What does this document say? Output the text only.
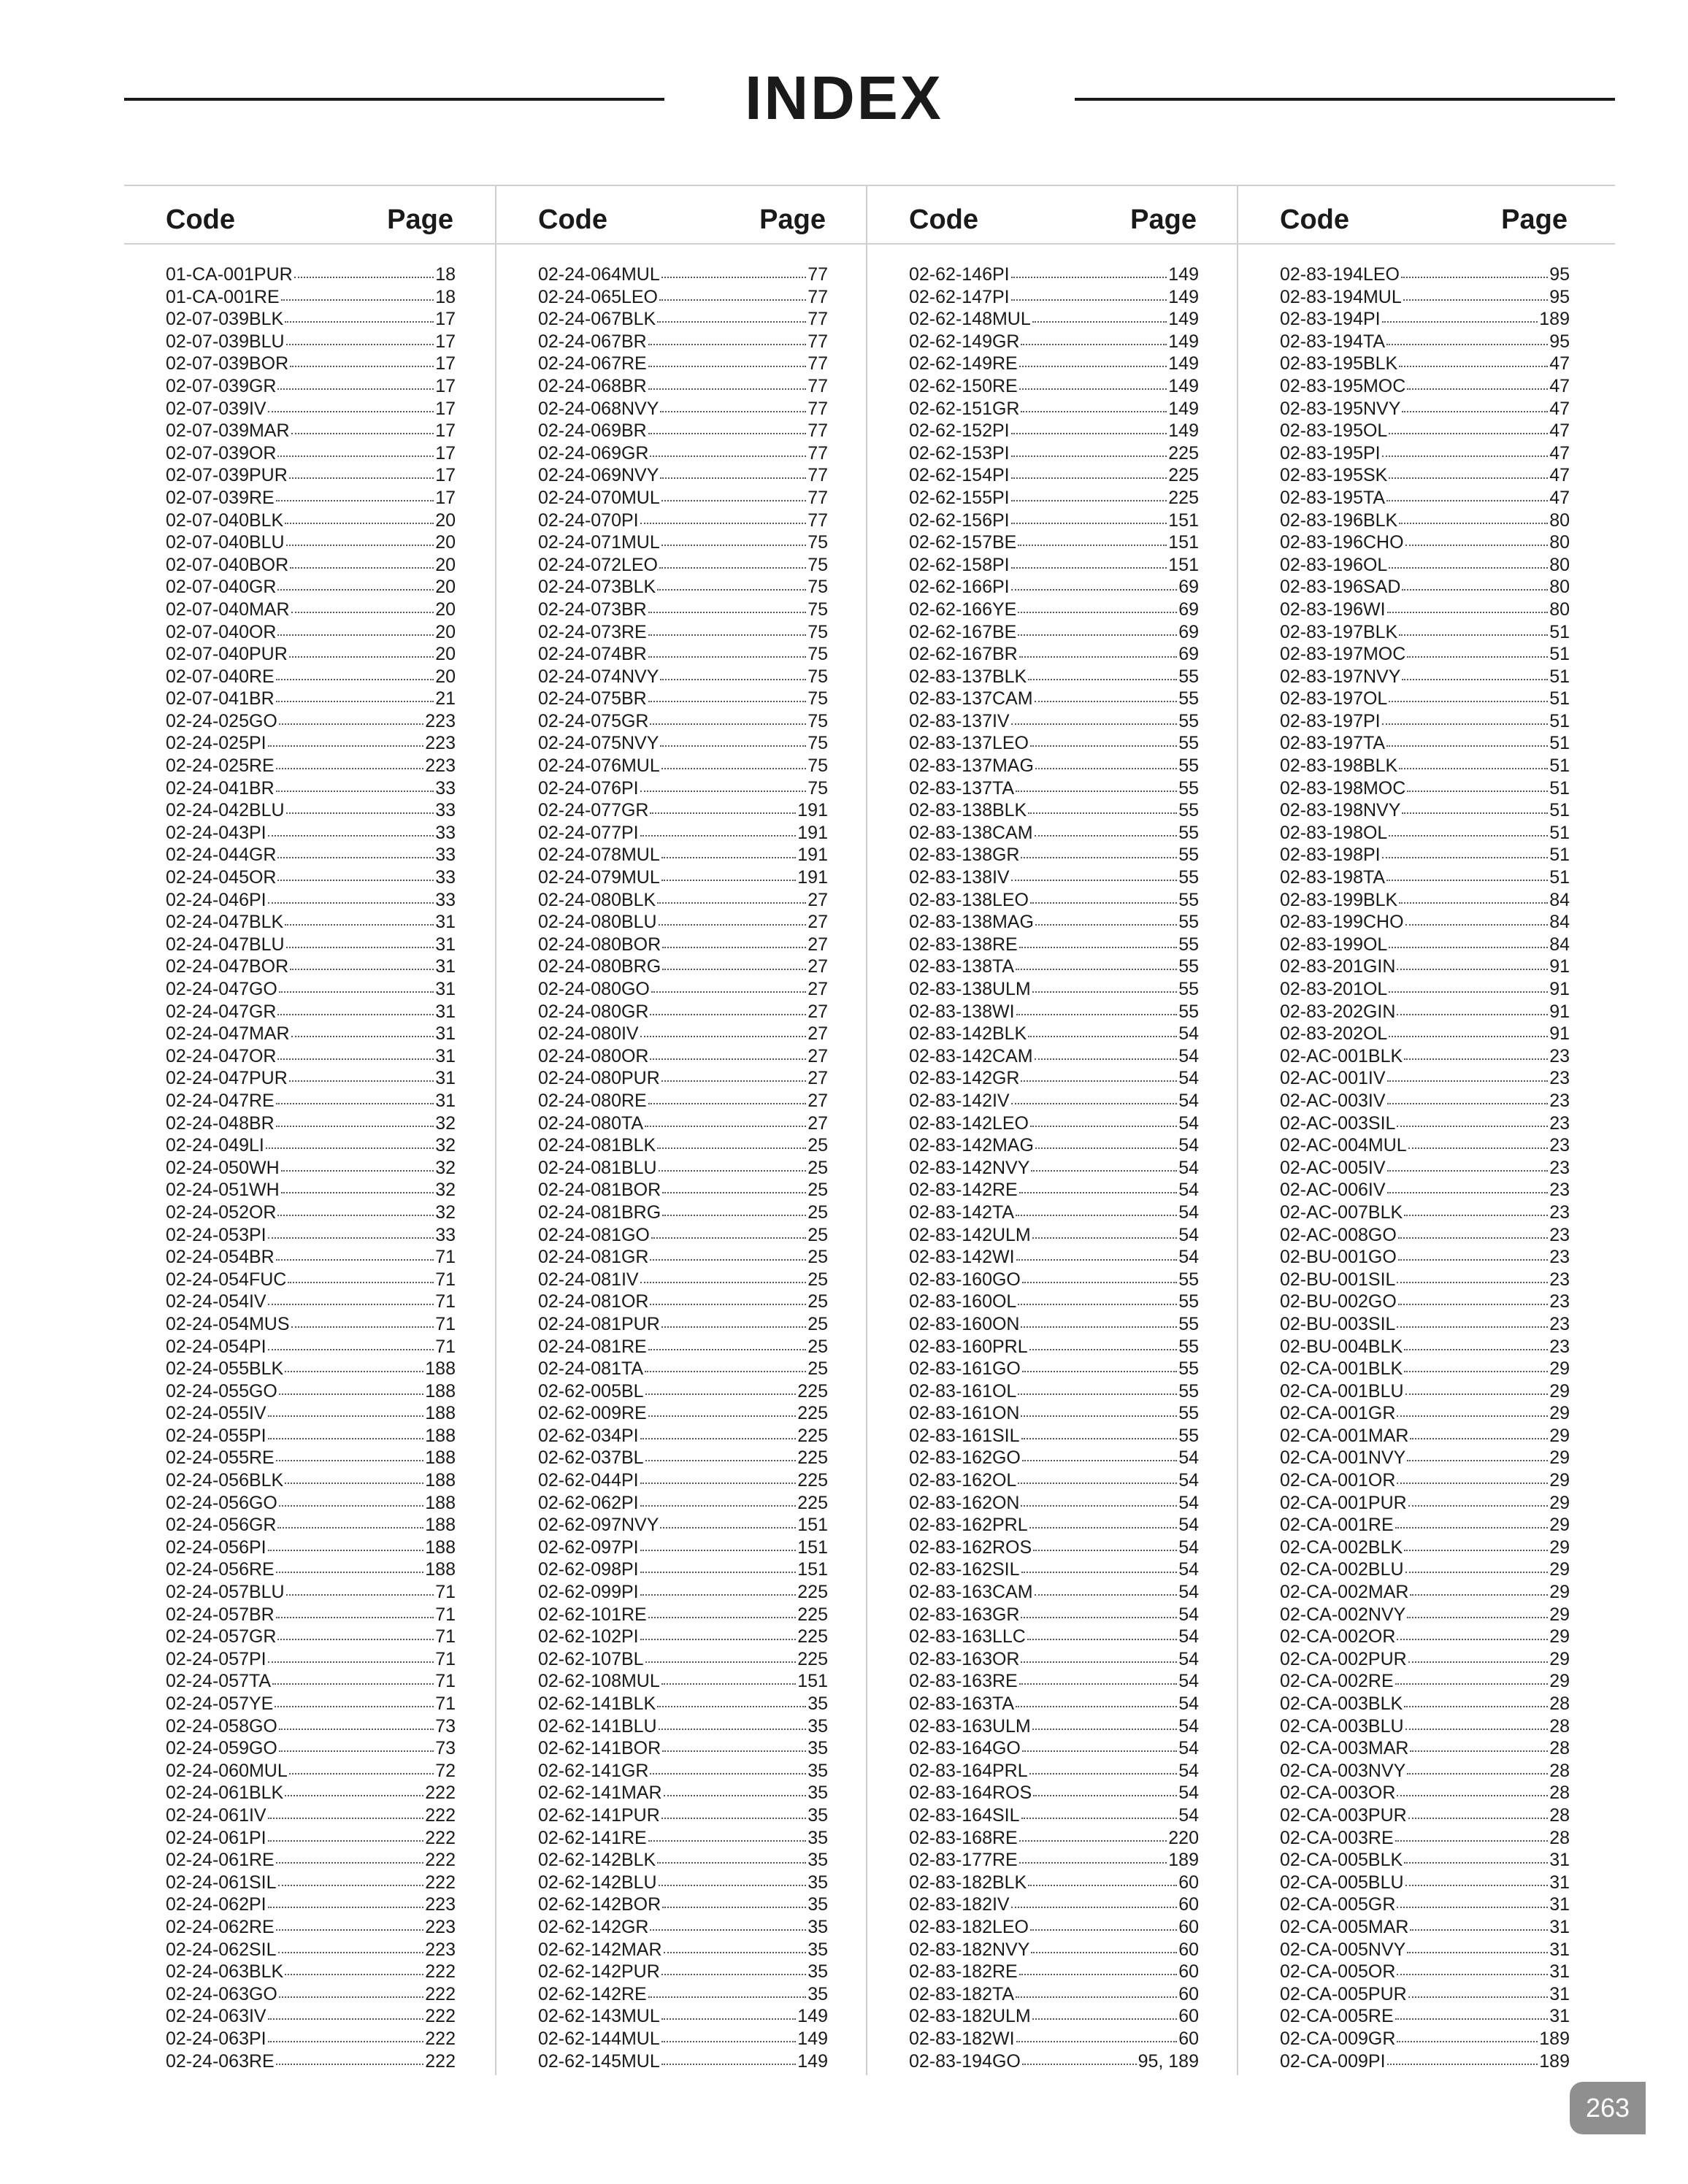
INDEX
Code	Page
01-CA-001PUR	18
01-CA-001RE	18
02-07-039BLK	17
02-07-039BLU	17
02-07-039BOR	17
02-07-039GR	17
02-07-039IV	17
02-07-039MAR	17
02-07-039OR	17
02-07-039PUR	17
02-07-039RE	17
02-07-040BLK	20
02-07-040BLU	20
02-07-040BOR	20
02-07-040GR	20
02-07-040MAR	20
02-07-040OR	20
02-07-040PUR	20
02-07-040RE	20
02-07-041BR	21
02-24-025GO	223
02-24-025PI	223
02-24-025RE	223
02-24-041BR	33
02-24-042BLU	33
02-24-043PI	33
02-24-044GR	33
02-24-045OR	33
02-24-046PI	33
02-24-047BLK	31
02-24-047BLU	31
02-24-047BOR	31
02-24-047GO	31
02-24-047GR	31
02-24-047MAR	31
02-24-047OR	31
02-24-047PUR	31
02-24-047RE	31
02-24-048BR	32
02-24-049LI	32
02-24-050WH	32
02-24-051WH	32
02-24-052OR	32
02-24-053PI	33
02-24-054BR	71
02-24-054FUC	71
02-24-054IV	71
02-24-054MUS	71
02-24-054PI	71
02-24-055BLK	188
02-24-055GO	188
02-24-055IV	188
02-24-055PI	188
02-24-055RE	188
02-24-056BLK	188
02-24-056GO	188
02-24-056GR	188
02-24-056PI	188
02-24-056RE	188
02-24-057BLU	71
02-24-057BR	71
02-24-057GR	71
02-24-057PI	71
02-24-057TA	71
02-24-057YE	71
02-24-058GO	73
02-24-059GO	73
02-24-060MUL	72
02-24-061BLK	222
02-24-061IV	222
02-24-061PI	222
02-24-061RE	222
02-24-061SIL	222
02-24-062PI	223
02-24-062RE	223
02-24-062SIL	223
02-24-063BLK	222
02-24-063GO	222
02-24-063IV	222
02-24-063PI	222
02-24-063RE	222
Code	Page
02-24-064MUL	77
02-24-065LEO	77
02-24-067BLK	77
02-24-067BR	77
02-24-067RE	77
02-24-068BR	77
02-24-068NVY	77
02-24-069BR	77
02-24-069GR	77
02-24-069NVY	77
02-24-070MUL	77
02-24-070PI	77
02-24-071MUL	75
02-24-072LEO	75
02-24-073BLK	75
02-24-073BR	75
02-24-073RE	75
02-24-074BR	75
02-24-074NVY	75
02-24-075BR	75
02-24-075GR	75
02-24-075NVY	75
02-24-076MUL	75
02-24-076PI	75
02-24-077GR	191
02-24-077PI	191
02-24-078MUL	191
02-24-079MUL	191
02-24-080BLK	27
02-24-080BLU	27
02-24-080BOR	27
02-24-080BRG	27
02-24-080GO	27
02-24-080GR	27
02-24-080IV	27
02-24-080OR	27
02-24-080PUR	27
02-24-080RE	27
02-24-080TA	27
02-24-081BLK	25
02-24-081BLU	25
02-24-081BOR	25
02-24-081BRG	25
02-24-081GO	25
02-24-081GR	25
02-24-081IV	25
02-24-081OR	25
02-24-081PUR	25
02-24-081RE	25
02-24-081TA	25
02-62-005BL	225
02-62-009RE	225
02-62-034PI	225
02-62-037BL	225
02-62-044PI	225
02-62-062PI	225
02-62-097NVY	151
02-62-097PI	151
02-62-098PI	151
02-62-099PI	225
02-62-101RE	225
02-62-102PI	225
02-62-107BL	225
02-62-108MUL	151
02-62-141BLK	35
02-62-141BLU	35
02-62-141BOR	35
02-62-141GR	35
02-62-141MAR	35
02-62-141PUR	35
02-62-141RE	35
02-62-142BLK	35
02-62-142BLU	35
02-62-142BOR	35
02-62-142GR	35
02-62-142MAR	35
02-62-142PUR	35
02-62-142RE	35
02-62-143MUL	149
02-62-144MUL	149
02-62-145MUL	149
Code	Page
02-62-146PI	149
02-62-147PI	149
02-62-148MUL	149
02-62-149GR	149
02-62-149RE	149
02-62-150RE	149
02-62-151GR	149
02-62-152PI	149
02-62-153PI	225
02-62-154PI	225
02-62-155PI	225
02-62-156PI	151
02-62-157BE	151
02-62-158PI	151
02-62-166PI	69
02-62-166YE	69
02-62-167BE	69
02-62-167BR	69
02-83-137BLK	55
02-83-137CAM	55
02-83-137IV	55
02-83-137LEO	55
02-83-137MAG	55
02-83-137TA	55
02-83-138BLK	55
02-83-138CAM	55
02-83-138GR	55
02-83-138IV	55
02-83-138LEO	55
02-83-138MAG	55
02-83-138RE	55
02-83-138TA	55
02-83-138ULM	55
02-83-138WI	55
02-83-142BLK	54
02-83-142CAM	54
02-83-142GR	54
02-83-142IV	54
02-83-142LEO	54
02-83-142MAG	54
02-83-142NVY	54
02-83-142RE	54
02-83-142TA	54
02-83-142ULM	54
02-83-142WI	54
02-83-160GO	55
02-83-160OL	55
02-83-160ON	55
02-83-160PRL	55
02-83-161GO	55
02-83-161OL	55
02-83-161ON	55
02-83-161SIL	55
02-83-162GO	54
02-83-162OL	54
02-83-162ON	54
02-83-162PRL	54
02-83-162ROS	54
02-83-162SIL	54
02-83-163CAM	54
02-83-163GR	54
02-83-163LLC	54
02-83-163OR	54
02-83-163RE	54
02-83-163TA	54
02-83-163ULM	54
02-83-164GO	54
02-83-164PRL	54
02-83-164ROS	54
02-83-164SIL	54
02-83-168RE	220
02-83-177RE	189
02-83-182BLK	60
02-83-182IV	60
02-83-182LEO	60
02-83-182NVY	60
02-83-182RE	60
02-83-182TA	60
02-83-182ULM	60
02-83-182WI	60
02-83-194GO	95, 189
Code	Page
02-83-194LEO	95
02-83-194MUL	95
02-83-194PI	189
02-83-194TA	95
02-83-195BLK	47
02-83-195MOC	47
02-83-195NVY	47
02-83-195OL	47
02-83-195PI	47
02-83-195SK	47
02-83-195TA	47
02-83-196BLK	80
02-83-196CHO	80
02-83-196OL	80
02-83-196SAD	80
02-83-196WI	80
02-83-197BLK	51
02-83-197MOC	51
02-83-197NVY	51
02-83-197OL	51
02-83-197PI	51
02-83-197TA	51
02-83-198BLK	51
02-83-198MOC	51
02-83-198NVY	51
02-83-198OL	51
02-83-198PI	51
02-83-198TA	51
02-83-199BLK	84
02-83-199CHO	84
02-83-199OL	84
02-83-201GIN	91
02-83-201OL	91
02-83-202GIN	91
02-83-202OL	91
02-AC-001BLK	23
02-AC-001IV	23
02-AC-003IV	23
02-AC-003SIL	23
02-AC-004MUL	23
02-AC-005IV	23
02-AC-006IV	23
02-AC-007BLK	23
02-AC-008GO	23
02-BU-001GO	23
02-BU-001SIL	23
02-BU-002GO	23
02-BU-003SIL	23
02-BU-004BLK	23
02-CA-001BLK	29
02-CA-001BLU	29
02-CA-001GR	29
02-CA-001MAR	29
02-CA-001NVY	29
02-CA-001OR	29
02-CA-001PUR	29
02-CA-001RE	29
02-CA-002BLK	29
02-CA-002BLU	29
02-CA-002MAR	29
02-CA-002NVY	29
02-CA-002OR	29
02-CA-002PUR	29
02-CA-002RE	29
02-CA-003BLK	28
02-CA-003BLU	28
02-CA-003MAR	28
02-CA-003NVY	28
02-CA-003OR	28
02-CA-003PUR	28
02-CA-003RE	28
02-CA-005BLK	31
02-CA-005BLU	31
02-CA-005GR	31
02-CA-005MAR	31
02-CA-005NVY	31
02-CA-005OR	31
02-CA-005PUR	31
02-CA-005RE	31
02-CA-009GR	189
02-CA-009PI	189
263
